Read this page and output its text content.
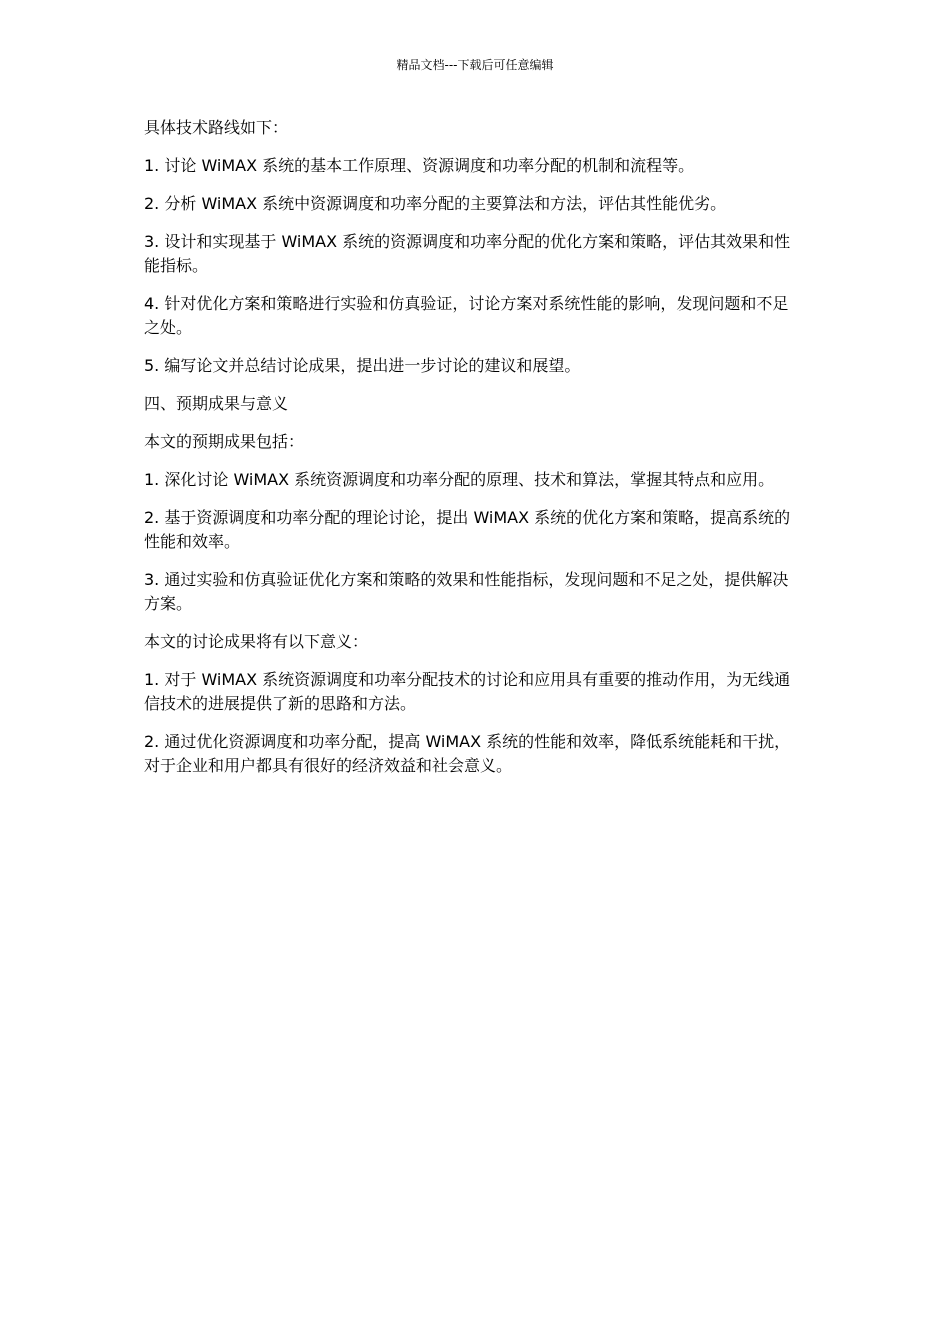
精品文档---下载后可任意编辑

具体技术路线如下：

1. 讨论 WiMAX 系统的基本工作原理、资源调度和功率分配的机制和流程等。

2. 分析 WiMAX 系统中资源调度和功率分配的主要算法和方法，评估其性能优劣。

3. 设计和实现基于 WiMAX 系统的资源调度和功率分配的优化方案和策略，评估其效果和性能指标。

4. 针对优化方案和策略进行实验和仿真验证，讨论方案对系统性能的影响，发现问题和不足之处。

5. 编写论文并总结讨论成果，提出进一步讨论的建议和展望。

四、预期成果与意义

本文的预期成果包括：

1. 深化讨论 WiMAX 系统资源调度和功率分配的原理、技术和算法，掌握其特点和应用。

2. 基于资源调度和功率分配的理论讨论，提出 WiMAX 系统的优化方案和策略，提高系统的性能和效率。

3. 通过实验和仿真验证优化方案和策略的效果和性能指标，发现问题和不足之处，提供解决方案。

本文的讨论成果将有以下意义：

1. 对于 WiMAX 系统资源调度和功率分配技术的讨论和应用具有重要的推动作用，为无线通信技术的进展提供了新的思路和方法。

2. 通过优化资源调度和功率分配，提高 WiMAX 系统的性能和效率，降低系统能耗和干扰，对于企业和用户都具有很好的经济效益和社会意义。
